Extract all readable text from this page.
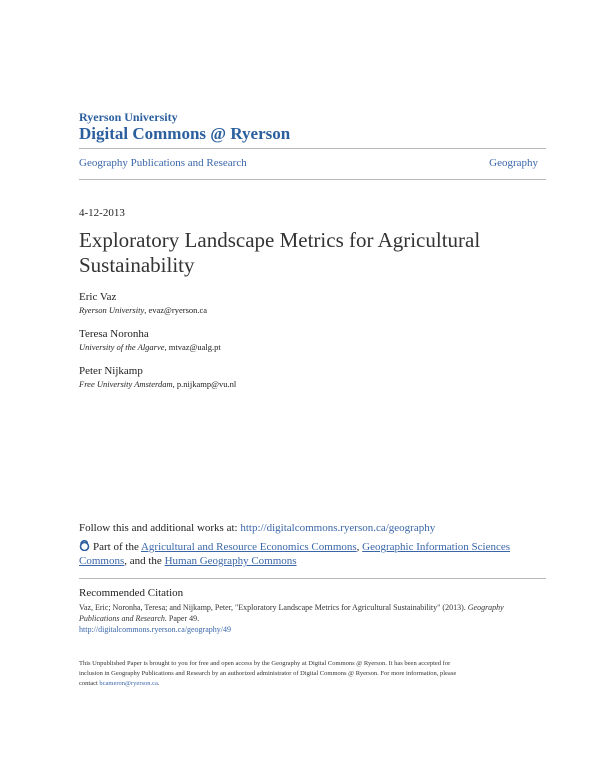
Ryerson University
Digital Commons @ Ryerson
Geography Publications and Research	Geography
4-12-2013
Exploratory Landscape Metrics for Agricultural
Sustainability
Eric Vaz
Ryerson University, evaz@ryerson.ca
Teresa Noronha
University of the Algarve, mtvaz@ualg.pt
Peter Nijkamp
Free University Amsterdam, p.nijkamp@vu.nl
Follow this and additional works at: http://digitalcommons.ryerson.ca/geography
Part of the Agricultural and Resource Economics Commons, Geographic Information Sciences
Commons, and the Human Geography Commons
Recommended Citation
Vaz, Eric; Noronha, Teresa; and Nijkamp, Peter, "Exploratory Landscape Metrics for Agricultural Sustainability" (2013). Geography
Publications and Research. Paper 49.
http://digitalcommons.ryerson.ca/geography/49
This Unpublished Paper is brought to you for free and open access by the Geography at Digital Commons @ Ryerson. It has been accepted for
inclusion in Geography Publications and Research by an authorized administrator of Digital Commons @ Ryerson. For more information, please
contact bcameron@ryerson.ca.
